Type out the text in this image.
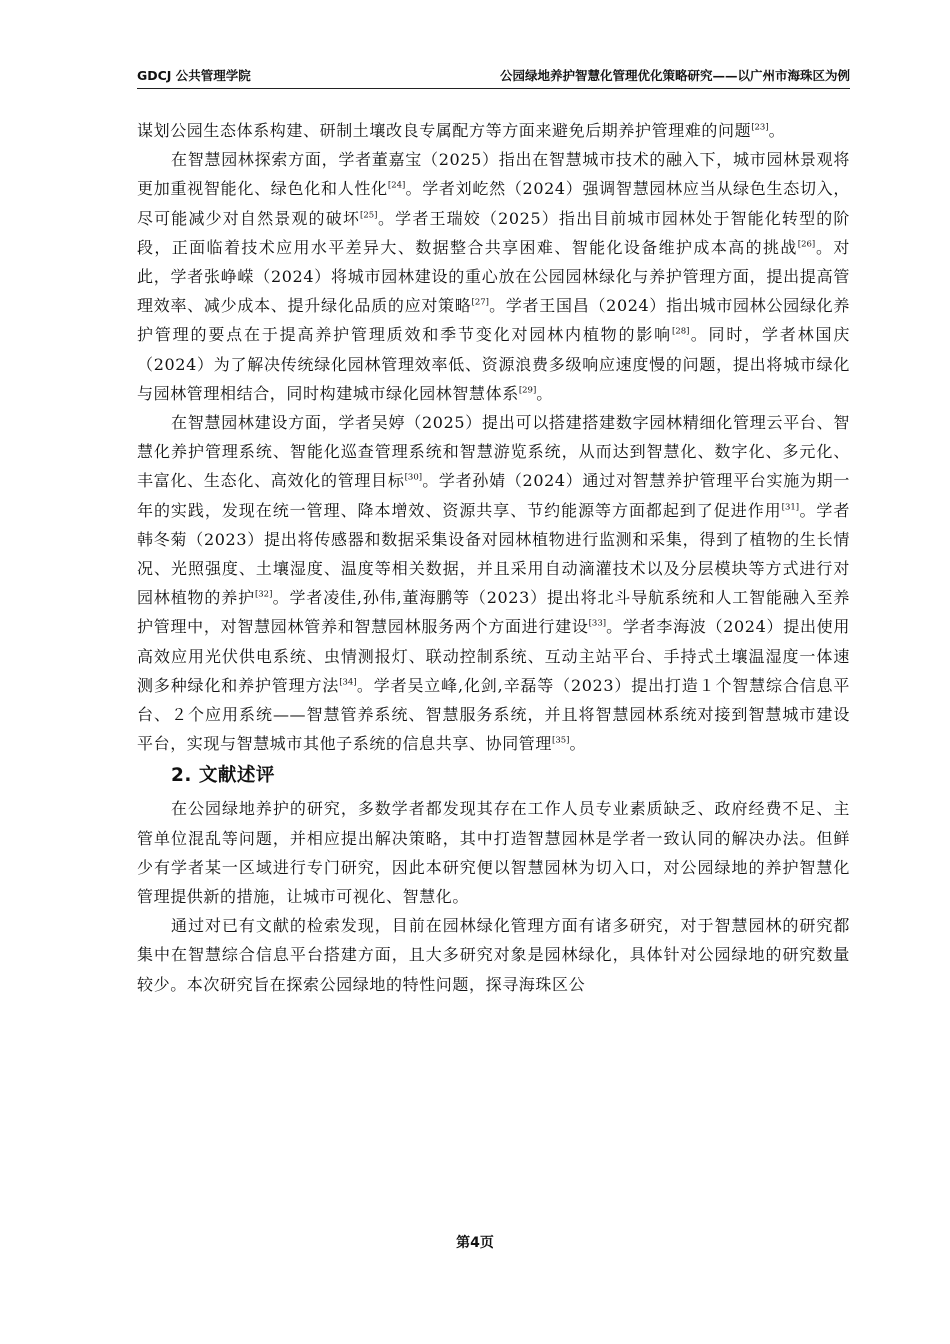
GDCJ 公共管理学院	公园绿地养护智慧化管理优化策略研究——以广州市海珠区为例

谋划公园生态体系构建、研制土壤改良专属配方等方面来避免后期养护管理难的问题[23]。

在智慧园林探索方面，学者董嘉宝（2025）指出在智慧城市技术的融入下，城市园林景观将更加重视智能化、绿色化和人性化[24]。学者刘屹然（2024）强调智慧园林应当从绿色生态切入，尽可能减少对自然景观的破坏[25]。学者王瑞姣（2025）指出目前城市园林处于智能化转型的阶段，正面临着技术应用水平差异大、数据整合共享困难、智能化设备维护成本高的挑战[26]。对此，学者张峥嵘（2024）将城市园林建设的重心放在公园园林绿化与养护管理方面，提出提高管理效率、减少成本、提升绿化品质的应对策略[27]。学者王国昌（2024）指出城市园林公园绿化养护管理的要点在于提高养护管理质效和季节变化对园林内植物的影响[28]。同时，学者林国庆（2024）为了解决传统绿化园林管理效率低、资源浪费多级响应速度慢的问题，提出将城市绿化与园林管理相结合，同时构建城市绿化园林智慧体系[29]。

在智慧园林建设方面，学者吴婷（2025）提出可以搭建搭建数字园林精细化管理云平台、智慧化养护管理系统、智能化巡查管理系统和智慧游览系统，从而达到智慧化、数字化、多元化、丰富化、生态化、高效化的管理目标[30]。学者孙婧（2024）通过对智慧养护管理平台实施为期一年的实践，发现在统一管理、降本增效、资源共享、节约能源等方面都起到了促进作用[31]。学者韩冬菊（2023）提出将传感器和数据采集设备对园林植物进行监测和采集，得到了植物的生长情况、光照强度、土壤湿度、温度等相关数据，并且采用自动滴灌技术以及分层模块等方式进行对园林植物的养护[32]。学者凌佳,孙伟,董海鹏等（2023）提出将北斗导航系统和人工智能融入至养护管理中，对智慧园林管养和智慧园林服务两个方面进行建设[33]。学者李海波（2024）提出使用高效应用光伏供电系统、虫情测报灯、联动控制系统、互动主站平台、手持式土壤温湿度一体速测多种绿化和养护管理方法[34]。学者吴立峰,化剑,辛磊等（2023）提出打造１个智慧综合信息平台、２个应用系统——智慧管养系统、智慧服务系统，并且将智慧园林系统对接到智慧城市建设平台，实现与智慧城市其他子系统的信息共享、协同管理[35]。

2. 文献述评

在公园绿地养护的研究，多数学者都发现其存在工作人员专业素质缺乏、政府经费不足、主管单位混乱等问题，并相应提出解决策略，其中打造智慧园林是学者一致认同的解决办法。但鲜少有学者某一区域进行专门研究，因此本研究便以智慧园林为切入口，对公园绿地的养护智慧化管理提供新的措施，让城市可视化、智慧化。

通过对已有文献的检索发现，目前在园林绿化管理方面有诸多研究，对于智慧园林的研究都集中在智慧综合信息平台搭建方面，且大多研究对象是园林绿化，具体针对公园绿地的研究数量较少。本次研究旨在探索公园绿地的特性问题，探寻海珠区公

第4页
